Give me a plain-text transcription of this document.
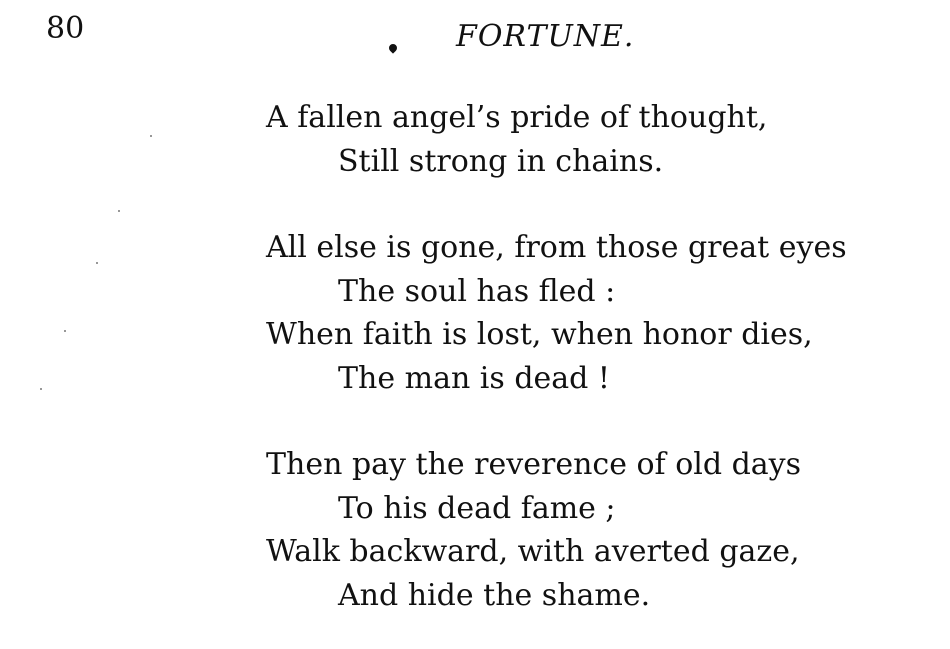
80	FORTUNE.
A fallen angel’s pride of thought,
Still strong in chains.
All else is gone, from those great eyes
The soul has fled :
When faith is lost, when honor dies,
The man is dead !
Then pay the reverence of old days
To his dead fame ;
Walk backward, with averted gaze,
And hide the shame.
